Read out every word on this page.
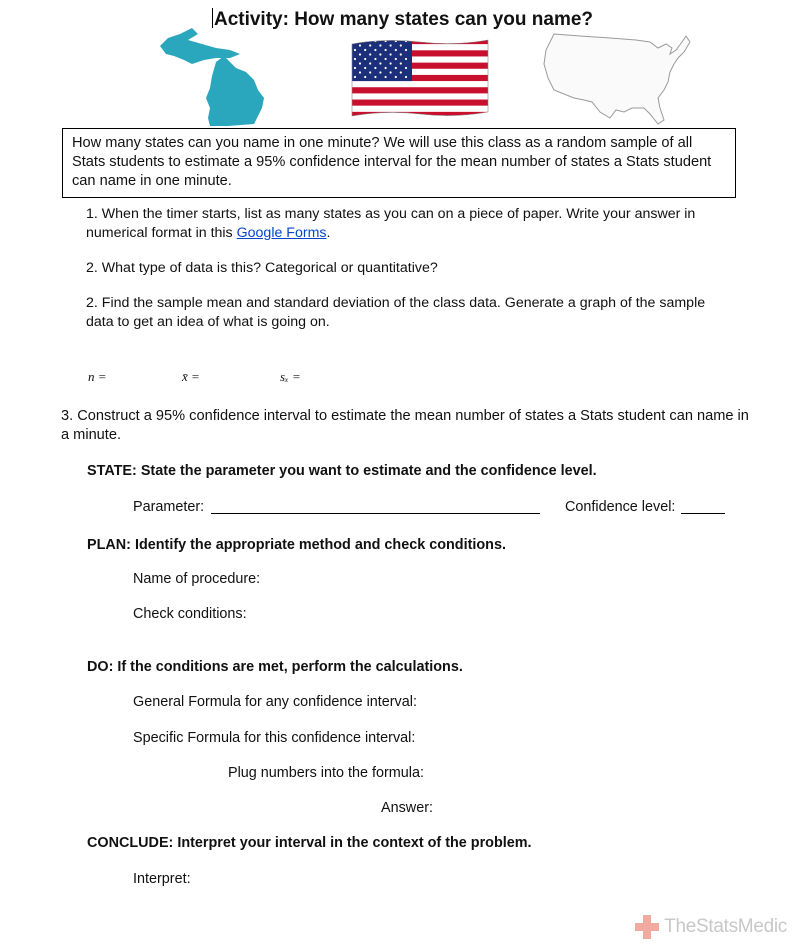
Activity: How many states can you name?
How many states can you name in one minute? We will use this class as a random sample of all Stats students to estimate a 95% confidence interval for the mean number of states a Stats student can name in one minute.
1. When the timer starts, list as many states as you can on a piece of paper. Write your answer in numerical format in this Google Forms.
2. What type of data is this? Categorical or quantitative?
2. Find the sample mean and standard deviation of the class data. Generate a graph of the sample data to get an idea of what is going on.
n =	x̄ =	sₓ =
3. Construct a 95% confidence interval to estimate the mean number of states a Stats student can name in a minute.
STATE: State the parameter you want to estimate and the confidence level.
Parameter:	Confidence level:
PLAN: Identify the appropriate method and check conditions.
Name of procedure:
Check conditions:
DO: If the conditions are met, perform the calculations.
General Formula for any confidence interval:
Specific Formula for this confidence interval:
Plug numbers into the formula:
Answer:
CONCLUDE: Interpret your interval in the context of the problem.
Interpret:
TheStatsMedic
